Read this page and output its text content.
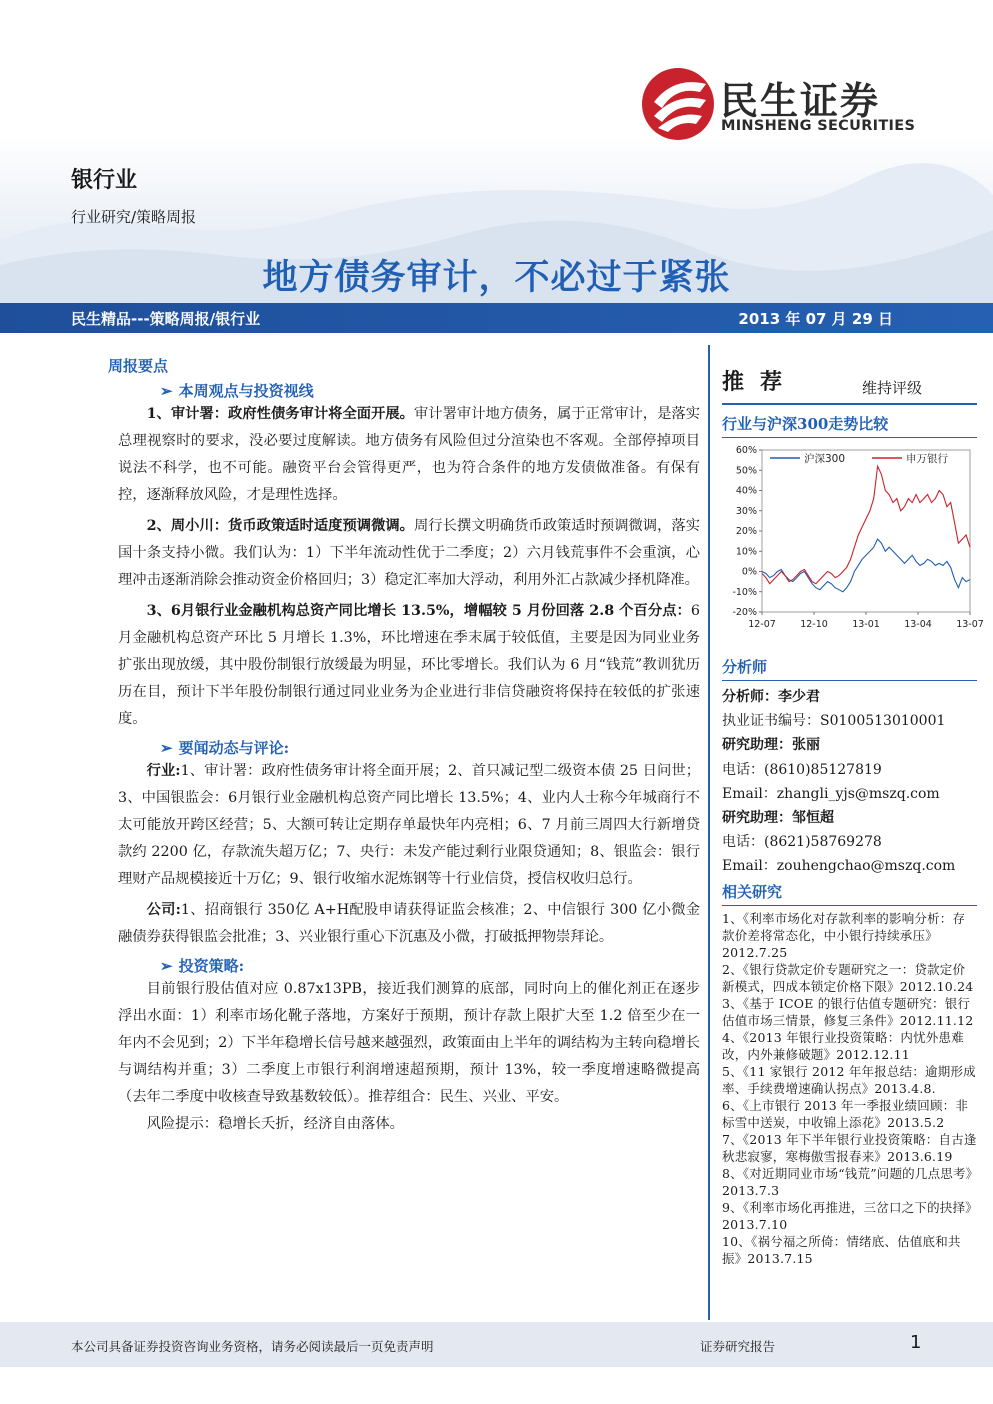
民生证券
MINSHENG SECURITIES
银行业
行业研究/策略周报
地方债务审计，不必过于紧张
民生精品---策略周报/银行业	2013 年 07 月 29 日
周报要点
➢ 本周观点与投资视线

1、审计署：政府性债务审计将全面开展。审计署审计地方债务，属于正常审计，是落实总理视察时的要求，没必要过度解读。地方债务有风险但过分渲染也不客观。全部停掉项目说法不科学，也不可能。融资平台会管得更严，也为符合条件的地方发债做准备。有保有控，逐渐释放风险，才是理性选择。

2、周小川：货币政策适时适度预调微调。周行长撰文明确货币政策适时预调微调，落实国十条支持小微。我们认为：1）下半年流动性优于二季度；2）六月钱荒事件不会重演，心理冲击逐渐消除会推动资金价格回归；3）稳定汇率加大浮动，利用外汇占款减少择机降准。

3、6月银行业金融机构总资产同比增长 13.5%，增幅较 5 月份回落 2.8 个百分点：6月金融机构总资产环比 5 月增长 1.3%，环比增速在季末属于较低值，主要是因为同业业务扩张出现放缓，其中股份制银行放缓最为明显，环比零增长。我们认为 6 月“钱荒”教训犹历历在目，预计下半年股份制银行通过同业业务为企业进行非信贷融资将保持在较低的扩张速度。

➢ 要闻动态与评论:

行业:1、审计署：政府性债务审计将全面开展；2、首只减记型二级资本债 25 日问世；3、中国银监会：6月银行业金融机构总资产同比增长 13.5%；4、业内人士称今年城商行不太可能放开跨区经营；5、大额可转让定期存单最快年内亮相；6、7 月前三周四大行新增贷款约 2200 亿，存款流失超万亿；7、央行：未发产能过剩行业限贷通知；8、银监会：银行理财产品规模接近十万亿；9、银行收缩水泥炼钢等十行业信贷，授信权收归总行。

公司:1、招商银行 350亿 A+H配股申请获得证监会核准；2、中信银行 300 亿小微金融债券获得银监会批准；3、兴业银行重心下沉惠及小微，打破抵押物崇拜论。

➢ 投资策略:

目前银行股估值对应 0.87x13PB，接近我们测算的底部，同时向上的催化剂正在逐步浮出水面：1）利率市场化靴子落地，方案好于预期，预计存款上限扩大至 1.2 倍至少在一年内不会见到；2）下半年稳增长信号越来越强烈，政策面由上半年的调结构为主转向稳增长与调结构并重；3）二季度上市银行利润增速超预期，预计 13%，较一季度增速略微提高（去年二季度中收核查导致基数较低）。推荐组合：民生、兴业、平安。

风险提示：稳增长夭折，经济自由落体。

推荐	维持评级
行业与沪深300走势比较
60%
50%
40%
30%
20%
10%
0%
-10%
-20%
12-07	12-10	13-01	13-04	13-07
沪深300	申万银行
分析师
分析师：李少君
执业证书编号：S0100513010001
研究助理：张丽
电话：(8610)85127819
Email：zhangli_yjs@mszq.com
研究助理：邹恒超
电话：(8621)58769278
Email：zouhengchao@mszq.com
相关研究
1、《利率市场化对存款利率的影响分析：存款价差将常态化，中小银行持续承压》2012.7.25
2、《银行贷款定价专题研究之一：贷款定价新模式，四成本锁定价格下限》2012.10.24
3、《基于 ICOE 的银行估值专题研究：银行估值市场三情景，修复三条件》2012.11.12
4、《2013 年银行业投资策略：内忧外患难改，内外兼修破题》2012.12.11
5、《11 家银行 2012 年年报总结：逾期形成率、手续费增速确认拐点》2013.4.8.
6、《上市银行 2013 年一季报业绩回顾：非标雪中送炭，中收锦上添花》2013.5.2
7、《2013 年下半年银行业投资策略：自古逢秋悲寂寥，寒梅傲雪报春来》2013.6.19
8、《对近期同业市场“钱荒”问题的几点思考》2013.7.3
9、《利率市场化再推进，三岔口之下的抉择》2013.7.10
10、《祸兮福之所倚：情绪底、估值底和共振》2013.7.15
本公司具备证券投资咨询业务资格，请务必阅读最后一页免责声明	证券研究报告	1
